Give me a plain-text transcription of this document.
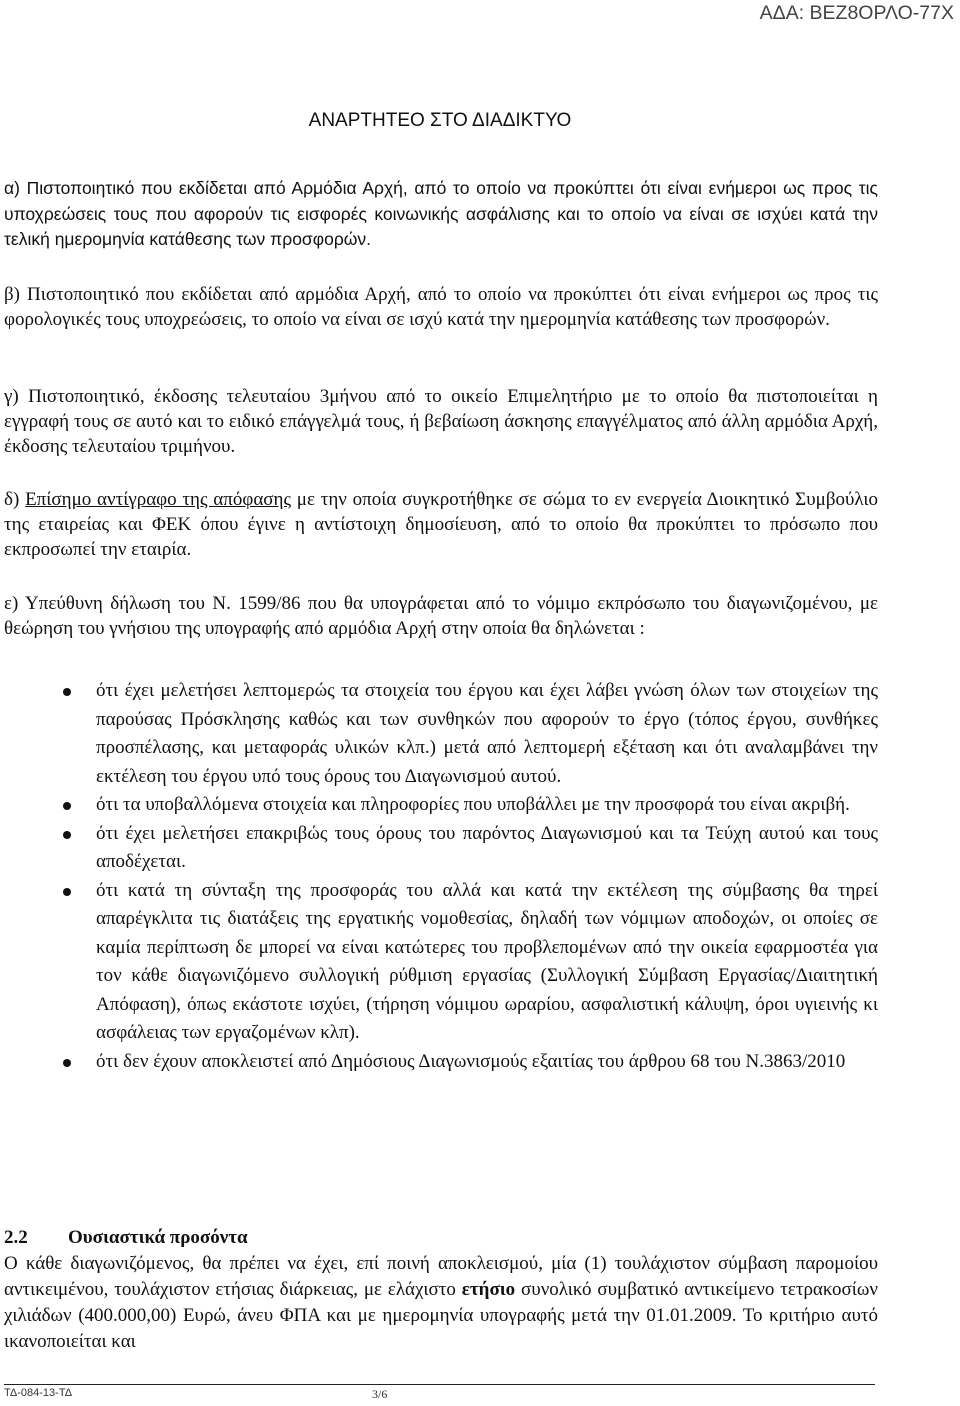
ΑΔΑ: ΒΕΖ8ΟΡΛΟ-77Χ
ΑΝΑΡΤΗΤΕΟ ΣΤΟ ΔΙΑΔΙΚΤΥΟ

α) Πιστοποιητικό που εκδίδεται από Αρμόδια Αρχή, από το οποίο να προκύπτει ότι είναι ενήμεροι ως προς τις υποχρεώσεις τους που αφορούν τις εισφορές κοινωνικής ασφάλισης και το οποίο να είναι σε ισχύει κατά την τελική ημερομηνία κατάθεσης των προσφορών.

β) Πιστοποιητικό που εκδίδεται από αρμόδια Αρχή, από το οποίο να προκύπτει ότι είναι ενήμεροι ως προς τις φορολογικές τους υποχρεώσεις, το οποίο να είναι σε ισχύ κατά την ημερομηνία κατάθεσης των προσφορών.

γ) Πιστοποιητικό, έκδοσης τελευταίου 3μήνου από το οικείο Επιμελητήριο με το οποίο θα πιστοποιείται η εγγραφή τους σε αυτό και το ειδικό επάγγελμά τους, ή βεβαίωση άσκησης επαγγέλματος από άλλη αρμόδια Αρχή, έκδοσης τελευταίου τριμήνου.

δ) Επίσημο αντίγραφο της απόφασης με την οποία συγκροτήθηκε σε σώμα το εν ενεργεία Διοικητικό Συμβούλιο της εταιρείας και ΦΕΚ όπου έγινε η αντίστοιχη δημοσίευση, από το οποίο θα προκύπτει το πρόσωπο που εκπροσωπεί την εταιρία.

ε) Υπεύθυνη δήλωση του Ν. 1599/86 που θα υπογράφεται από το νόμιμο εκπρόσωπο του διαγωνιζομένου, με θεώρηση του γνήσιου της υπογραφής από αρμόδια Αρχή στην οποία θα δηλώνεται :

ότι έχει μελετήσει λεπτομερώς τα στοιχεία του έργου και έχει λάβει γνώση όλων των στοιχείων της παρούσας Πρόσκλησης καθώς και των συνθηκών που αφορούν το έργο (τόπος έργου, συνθήκες προσπέλασης, και μεταφοράς υλικών κλπ.) μετά από λεπτομερή εξέταση και ότι αναλαμβάνει την εκτέλεση του έργου υπό τους όρους του Διαγωνισμού αυτού.
ότι τα υποβαλλόμενα στοιχεία και πληροφορίες που υποβάλλει με την προσφορά του είναι ακριβή.
ότι έχει μελετήσει επακριβώς τους όρους του παρόντος Διαγωνισμού και τα Τεύχη αυτού και τους αποδέχεται.
ότι κατά τη σύνταξη της προσφοράς του αλλά και κατά την εκτέλεση της σύμβασης θα τηρεί απαρέγκλιτα τις διατάξεις της εργατικής νομοθεσίας, δηλαδή των νόμιμων αποδοχών, οι οποίες σε καμία περίπτωση δε μπορεί να είναι κατώτερες του προβλεπομένων από την οικεία εφαρμοστέα για τον κάθε διαγωνιζόμενο συλλογική ρύθμιση εργασίας (Συλλογική Σύμβαση Εργασίας/Διαιτητική Απόφαση), όπως εκάστοτε ισχύει, (τήρηση νόμιμου ωραρίου, ασφαλιστική κάλυψη, όροι υγιεινής κι ασφάλειας των εργαζομένων κλπ).
ότι δεν έχουν αποκλειστεί από Δημόσιους Διαγωνισμούς εξαιτίας του άρθρου 68 του Ν.3863/2010
2.2 Ουσιαστικά προσόντα

Ο κάθε διαγωνιζόμενος, θα πρέπει να έχει, επί ποινή αποκλεισμού, μία (1) τουλάχιστον σύμβαση παρομοίου αντικειμένου, τουλάχιστον ετήσιας διάρκειας, με ελάχιστο ετήσιο συνολικό συμβατικό αντικείμενο τετρακοσίων χιλιάδων (400.000,00) Ευρώ, άνευ ΦΠΑ και με ημερομηνία υπογραφής μετά την 01.01.2009. Το κριτήριο αυτό ικανοποιείται και

ΤΔ-084-13-ΤΔ	3/6
